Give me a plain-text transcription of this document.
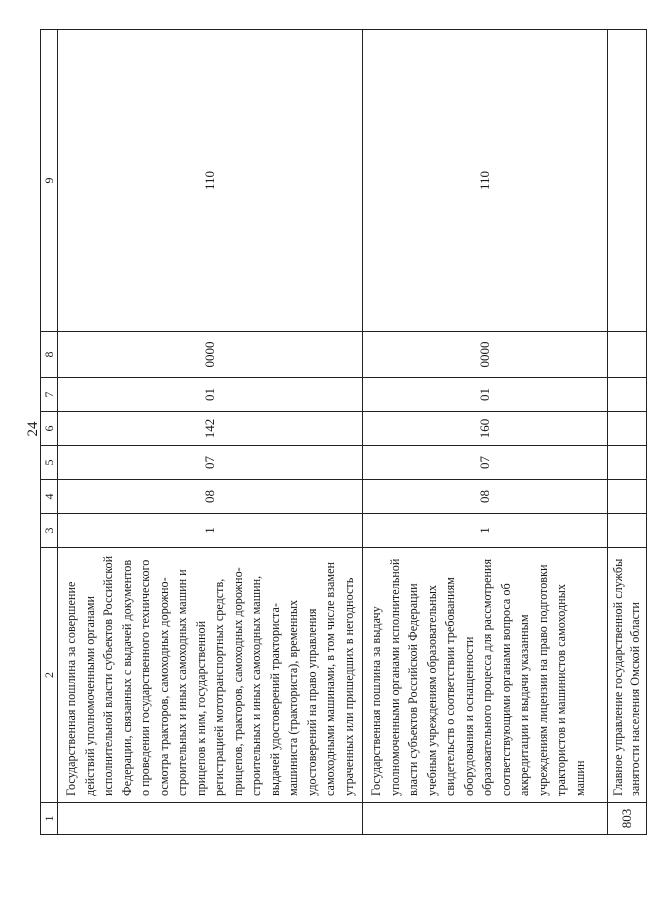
24
1	2	3	4	5	6	7	8	9
	Государственная пошлина за совершение действий уполномоченными органами исполнительной власти субъектов Российской Федерации, связанных с выдачей документов о проведении государственного технического осмотра тракторов, самоходных дорожно-строительных и иных самоходных машин и прицепов к ним, государственной регистрацией мототранспортных средств, прицепов, тракторов, самоходных дорожно-строительных и иных самоходных машин, выдачей удостоверений тракториста-машиниста (тракториста), временных удостоверений на право управления самоходными машинами, в том числе взамен утраченных или пришедших в негодность	1	08	07	142	01	0000	110
	Государственная пошлина за выдачу уполномоченными органами исполнительной власти субъектов Российской Федерации учебным учреждениям образовательных свидетельств о соответствии требованиям оборудования и оснащенности образовательного процесса для рассмотрения соответствующими органами вопроса об аккредитации и выдачи указанным учреждениям лицензии на право подготовки трактористов и машинистов самоходных машин	1	08	07	160	01	0000	110
803	Главное управление государственной службы занятости населения Омской области							
